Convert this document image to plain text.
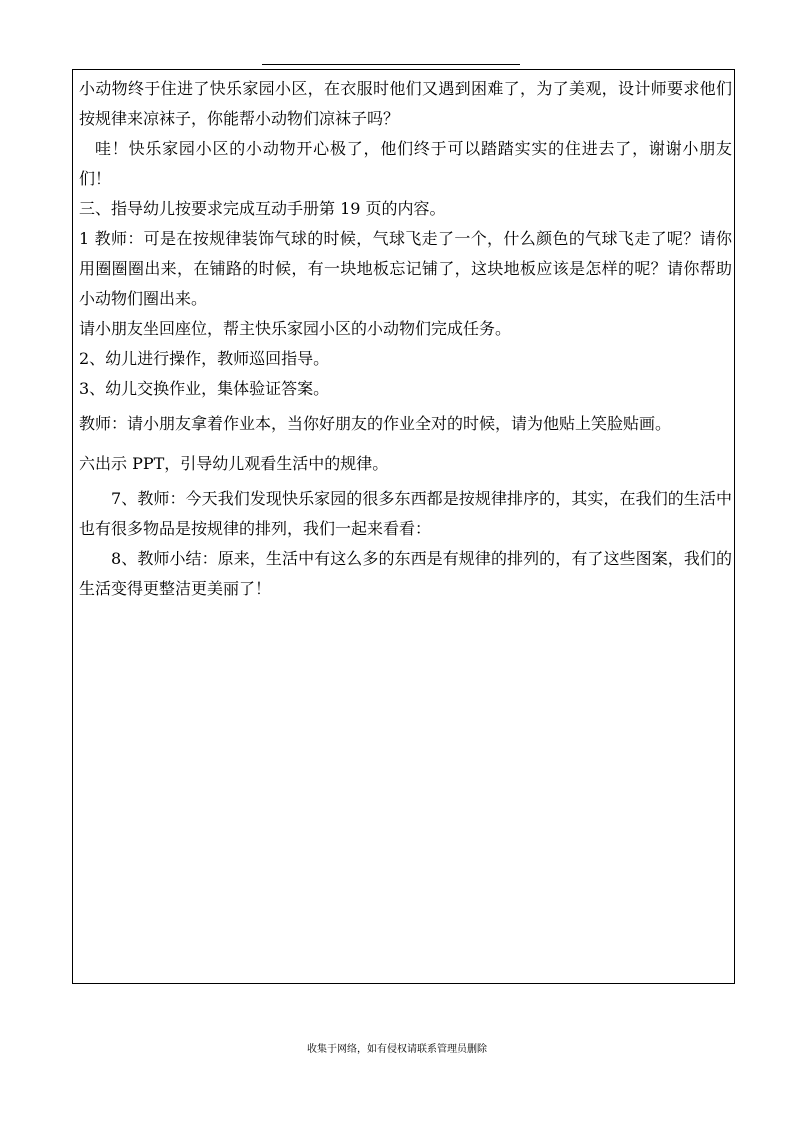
小动物终于住进了快乐家园小区，在衣服时他们又遇到困难了，为了美观，设计师要求他们按规律来凉袜子，你能帮小动物们凉袜子吗？

哇！快乐家园小区的小动物开心极了，他们终于可以踏踏实实的住进去了，谢谢小朋友们！

三、指导幼儿按要求完成互动手册第 19 页的内容。

1 教师：可是在按规律装饰气球的时候，气球飞走了一个，什么颜色的气球飞走了呢？请你用圈圈圈出来，在铺路的时候，有一块地板忘记铺了，这块地板应该是怎样的呢？请你帮助小动物们圈出来。

请小朋友坐回座位，帮主快乐家园小区的小动物们完成任务。

2、幼儿进行操作，教师巡回指导。

3、幼儿交换作业，集体验证答案。

教师：请小朋友拿着作业本，当你好朋友的作业全对的时候，请为他贴上笑脸贴画。

六出示 PPT，引导幼儿观看生活中的规律。

7、教师：今天我们发现快乐家园的很多东西都是按规律排序的，其实，在我们的生活中也有很多物品是按规律的排列，我们一起来看看：

8、教师小结：原来，生活中有这么多的东西是有规律的排列的，有了这些图案，我们的生活变得更整洁更美丽了！

收集于网络，如有侵权请联系管理员删除
